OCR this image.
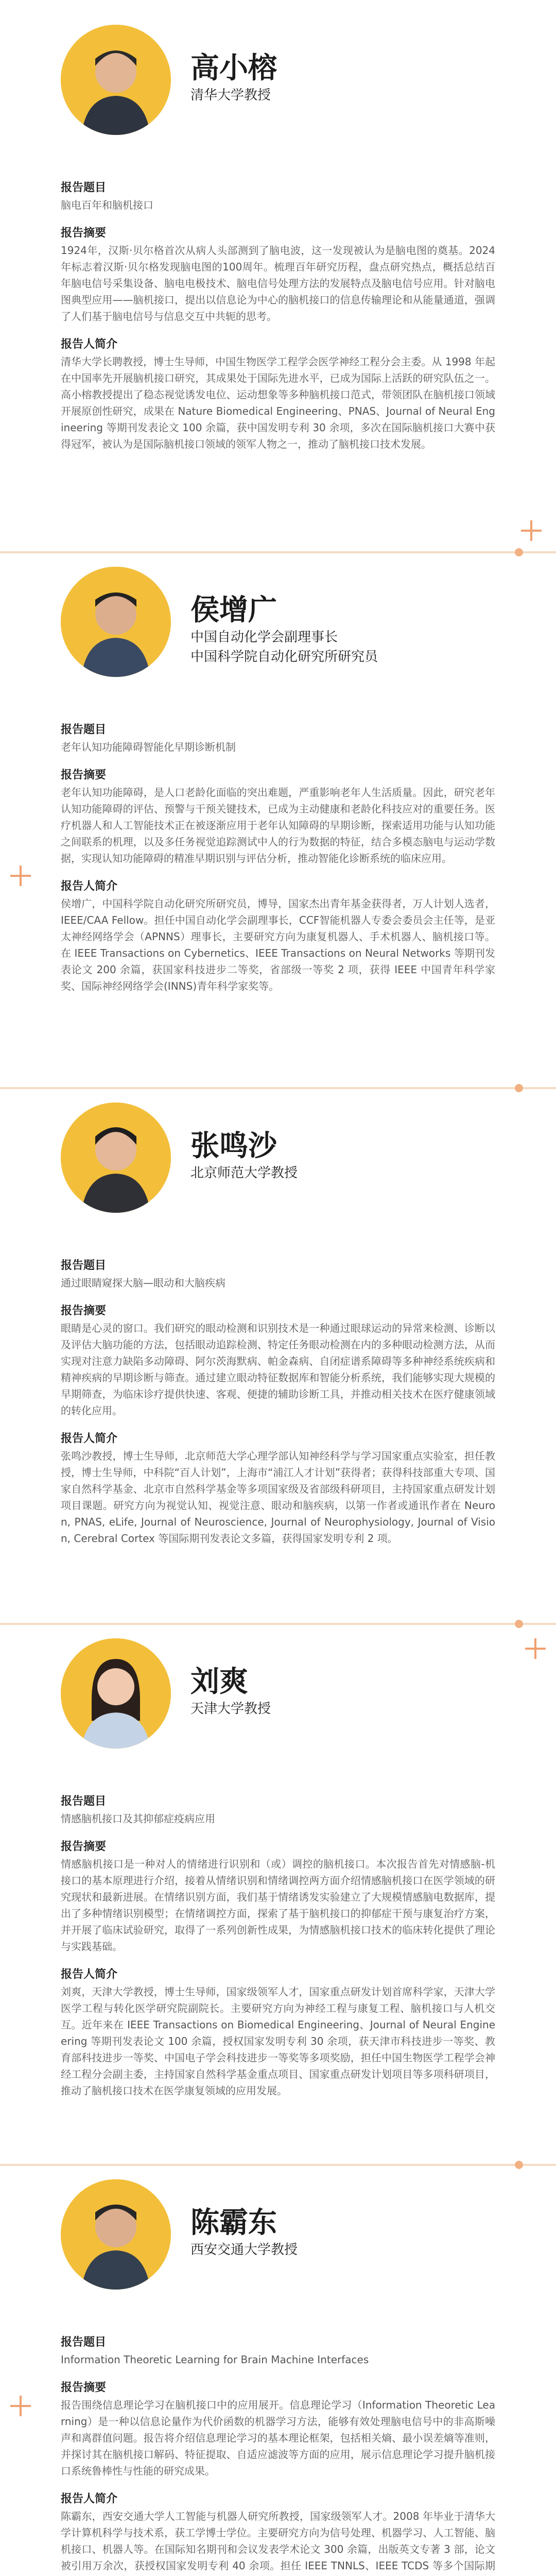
高小榕
清华大学教授

报告题目

脑电百年和脑机接口

报告摘要

1924年，汉斯·贝尔格首次从病人头部测到了脑电波，这一发现被认为是脑电图的奠基。2024年标志着汉斯·贝尔格发现脑电图的100周年。梳理百年研究历程，盘点研究热点，概括总结百年脑电信号采集设备、脑电电极技术、脑电信号处理方法的发展特点及脑电信号应用。针对脑电图典型应用——脑机接口，提出以信息论为中心的脑机接口的信息传输理论和从能量通道，强调了人们基于脑电信号与信息交互中共轭的思考。

报告人简介

清华大学长聘教授，博士生导师，中国生物医学工程学会医学神经工程分会主委。从 1998 年起在中国率先开展脑机接口研究，其成果处于国际先进水平，已成为国际上活跃的研究队伍之一。高小榕教授提出了稳态视觉诱发电位、运动想象等多种脑机接口范式，带领团队在脑机接口领域开展原创性研究，成果在 Nature Biomedical Engineering、PNAS、Journal of Neural Engineering 等期刊发表论文 100 余篇，获中国发明专利 30 余项，多次在国际脑机接口大赛中获得冠军，被认为是国际脑机接口领域的领军人物之一，推动了脑机接口技术发展。

侯增广
中国自动化学会副理事长
中国科学院自动化研究所研究员

报告题目

老年认知功能障碍智能化早期诊断机制

报告摘要

老年认知功能障碍，是人口老龄化面临的突出难题，严重影响老年人生活质量。因此，研究老年认知功能障碍的评估、预警与干预关键技术，已成为主动健康和老龄化科技应对的重要任务。医疗机器人和人工智能技术正在被逐渐应用于老年认知障碍的早期诊断，探索适用功能与认知功能之间联系的机理，以及多任务视觉追踪测试中人的行为数据的特征，结合多模态脑电与运动学数据，实现认知功能障碍的精准早期识别与评估分析，推动智能化诊断系统的临床应用。

报告人简介

侯增广，中国科学院自动化研究所研究员，博导，国家杰出青年基金获得者，万人计划人选者，IEEE/CAA Fellow。担任中国自动化学会副理事长，CCF智能机器人专委会委员会主任等，是亚太神经网络学会（APNNS）理事长，主要研究方向为康复机器人、手术机器人、脑机接口等。在 IEEE Transactions on Cybernetics、IEEE Transactions on Neural Networks 等期刊发表论文 200 余篇，获国家科技进步二等奖，省部级一等奖 2 项，获得 IEEE 中国青年科学家奖、国际神经网络学会(INNS)青年科学家奖等。

张鸣沙
北京师范大学教授

报告题目

通过眼睛窥探大脑—眼动和大脑疾病

报告摘要

眼睛是心灵的窗口。我们研究的眼动检测和识别技术是一种通过眼球运动的异常来检测、诊断以及评估大脑功能的方法，包括眼动追踪检测、特定任务眼动检测在内的多种眼动检测方法，从而实现对注意力缺陷多动障碍、阿尔茨海默病、帕金森病、自闭症谱系障碍等多种神经系统疾病和精神疾病的早期诊断与筛查。通过建立眼动特征数据库和智能分析系统，我们能够实现大规模的早期筛查，为临床诊疗提供快速、客观、便捷的辅助诊断工具，并推动相关技术在医疗健康领域的转化应用。

报告人简介

张鸣沙教授，博士生导师，北京师范大学心理学部认知神经科学与学习国家重点实验室，担任教授，博士生导师，中科院“百人计划”，上海市“浦江人才计划”获得者；获得科技部重大专项、国家自然科学基金、北京市自然科学基金等多项国家级及省部级科研项目，主持国家重点研发计划项目课题。研究方向为视觉认知、视觉注意、眼动和脑疾病，以第一作者或通讯作者在 Neuron, PNAS, eLife, Journal of Neuroscience, Journal of Neurophysiology, Journal of Vision, Cerebral Cortex 等国际期刊发表论文多篇，获得国家发明专利 2 项。

刘爽
天津大学教授

报告题目

情感脑机接口及其抑郁症疫病应用

报告摘要

情感脑机接口是一种对人的情绪进行识别和（或）调控的脑机接口。本次报告首先对情感脑-机接口的基本原理进行介绍，接着从情绪识别和情绪调控两方面介绍情感脑机接口在医学领域的研究现状和最新进展。在情绪识别方面，我们基于情绪诱发实验建立了大规模情感脑电数据库，提出了多种情绪识别模型；在情绪调控方面，探索了基于脑机接口的抑郁症干预与康复治疗方案，并开展了临床试验研究，取得了一系列创新性成果，为情感脑机接口技术的临床转化提供了理论与实践基础。

报告人简介

刘爽，天津大学教授，博士生导师，国家级领军人才，国家重点研发计划首席科学家，天津大学医学工程与转化医学研究院副院长。主要研究方向为神经工程与康复工程、脑机接口与人机交互。近年来在 IEEE Transactions on Biomedical Engineering、Journal of Neural Engineering 等期刊发表论文 100 余篇，授权国家发明专利 30 余项，获天津市科技进步一等奖、教育部科技进步一等奖、中国电子学会科技进步一等奖等多项奖励，担任中国生物医学工程学会神经工程分会副主委，主持国家自然科学基金重点项目、国家重点研发计划项目等多项科研项目，推动了脑机接口技术在医学康复领域的应用发展。

陈霸东
西安交通大学教授

报告题目

Information Theoretic Learning for Brain Machine Interfaces

报告摘要

报告围绕信息理论学习在脑机接口中的应用展开。信息理论学习（Information Theoretic Learning）是一种以信息论量作为代价函数的机器学习方法，能够有效处理脑电信号中的非高斯噪声和离群值问题。报告将介绍信息理论学习的基本理论框架，包括相关熵、最小误差熵等准则，并探讨其在脑机接口解码、特征提取、自适应滤波等方面的应用，展示信息理论学习提升脑机接口系统鲁棒性与性能的研究成果。

报告人简介

陈霸东，西安交通大学人工智能与机器人研究所教授，国家级领军人才。2008 年毕业于清华大学计算机科学与技术系，获工学博士学位。主要研究方向为信号处理、机器学习、人工智能、脑机接口、机器人等。在国际知名期刊和会议发表学术论文 300 余篇，出版英文专著 3 部，论文被引用万余次，获授权国家发明专利 40 余项。担任 IEEE TNNLS、IEEE TCDS 等多个国际期
